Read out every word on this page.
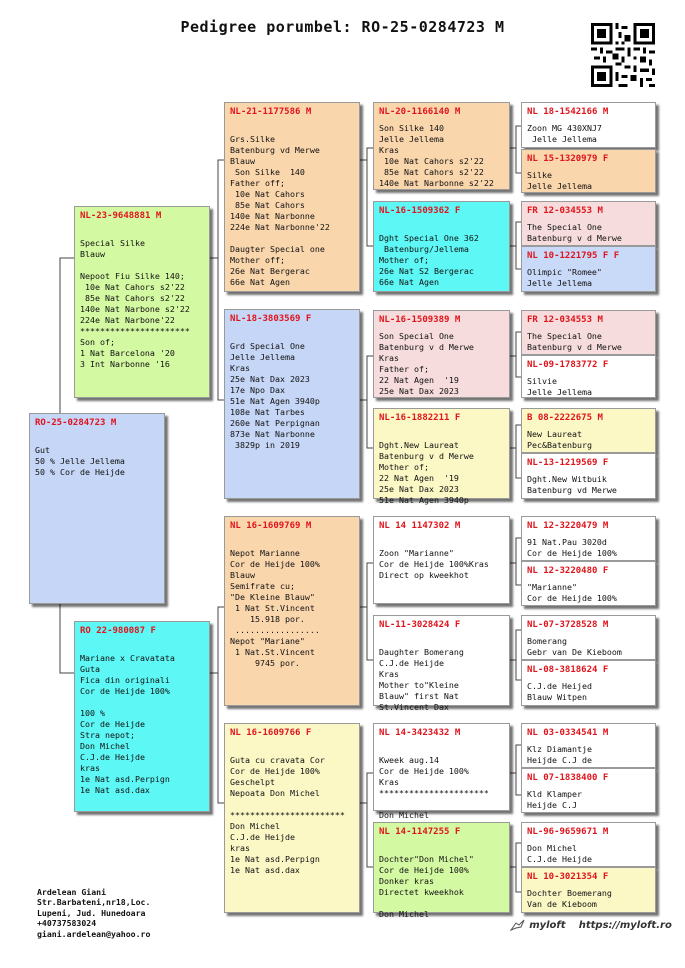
Pedigree porumbel: RO-25-0284723 M
RO-25-0284723 M

Gut
50 % Jelle Jellema
50 % Cor de Heijde
NL-23-9648881 M

Special Silke
Blauw

Nepoot Fiu Silke 140;
10e Nat Cahors s2'22
85e Nat Cahors s2'22
140e Nat Narbone s2'22
224e Nat Narbone'22
**********************
Son of;
1 Nat Barcelona '20
3 Int Narbonne '16
RO 22-980087 F

Mariane x Cravatata
Guta
Fica din originali
Cor de Heijde 100%

100 %
Cor de Heijde
Stra nepot;
Don Michel
C.J.de Heijde
kras
1e Nat asd.Perpign
1e Nat asd.dax
NL-21-1177586 M

Grs.Silke
Batenburg vd Merwe
Blauw
Son Silke  140
Father off;
10e Nat Cahors
85e Nat Cahors
140e Nat Narbonne
224e Nat Narbonne'22

Daugter Special one
Mother off;
26e Nat Bergerac
66e Nat Agen
NL-18-3803569 F

Grd Special One
Jelle Jellema
Kras
25e Nat Dax 2023
17e Npo Dax
51e Nat Agen 3940p
108e Nat Tarbes
260e Nat Perpignan
873e Nat Narbonne
3829p in 2019
NL 16-1609769 M

Nepot Marianne
Cor de Heijde 100%
Blauw
Semifrate cu;
"De Kleine Blauw"
1 Nat St.Vincent
15.918 por.
.................
Nepot "Mariane"
1 Nat.St.Vincent
9745 por.
NL 16-1609766 F

Guta cu cravata Cor
Cor de Heijde 100%
Geschelpt
Nepoata Don Michel

***********************
Don Michel
C.J.de Heijde
kras
1e Nat asd.Perpign
1e Nat asd.dax
NL-20-1166140 M
Son Silke 140
Jelle Jellema
Kras
10e Nat Cahors s2'22
85e Nat Cahors s2'22
140e Nat Narbonne s2'22
NL-16-1509362 F

Dght Special One 362
Batenburg/Jellema
Mother of;
26e Nat S2 Bergerac
66e Nat Agen
NL-16-1509389 M
Son Special One
Batenburg v d Merwe
Kras
Father of;
22 Nat Agen  '19
25e Nat Dax 2023
NL-16-1882211 F

Dght.New Laureat
Batenburg v d Merwe
Mother of;
22 Nat Agen  '19
25e Nat Dax 2023
51e Nat Agen 3940p
NL 14 1147302 M

Zoon "Marianne"
Cor de Heijde 100%Kras
Direct op kweekhot
NL-11-3028424 F

Daughter Bomerang
C.J.de Heijde
Kras
Mother to"Kleine
Blauw" first Nat
St.Vincent Dax
NL 14-3423432 M

Kweek aug.14
Cor de Heijde 100%
Kras
**********************

Don Michel
NL 14-1147255 F

Dochter"Don Michel"
Cor de Heijde 100%
Donker kras
Directet kweekhok

Don Michel
NL 18-1542166 M
Zoon MG 430XNJ7
Jelle Jellema
NL 15-1320979 F
Silke
Jelle Jellema
FR 12-034553 M
The Special One
Batenburg v d Merwe
NL 10-1221795 F F
Olimpic "Romee"
Jelle Jellema
FR 12-034553 M
The Special One
Batenburg v d Merwe
NL-09-1783772 F
Silvie
Jelle Jellema
B 08-2222675 M
New Laureat
Pec&Batenburg
NL-13-1219569 F
Dght.New Witbuik
Batenburg vd Merwe
NL 12-3220479 M
91 Nat.Pau 3020d
Cor de Heijde 100%
NL 12-3220480 F
"Marianne"
Cor de Heijde 100%
NL-07-3728528 M
Bomerang
Gebr van De Kieboom
NL-08-3818624 F
C.J.de Heijed
Blauw Witpen
NL 03-0334541 M
Klz Diamantje
Heijde C.J de
NL 07-1838400 F
Kld Klamper
Heijde C.J
NL-96-9659671 M
Don Michel
C.J.de Heijde
NL 10-3021354 F
Dochter Boemerang
Van de Kieboom
Ardelean Giani
Str.Barbateni,nr18,Loc.
Lupeni, Jud. Hunedoara
+40737583024
giani.ardelean@yahoo.ro
myloft https://myloft.ro
